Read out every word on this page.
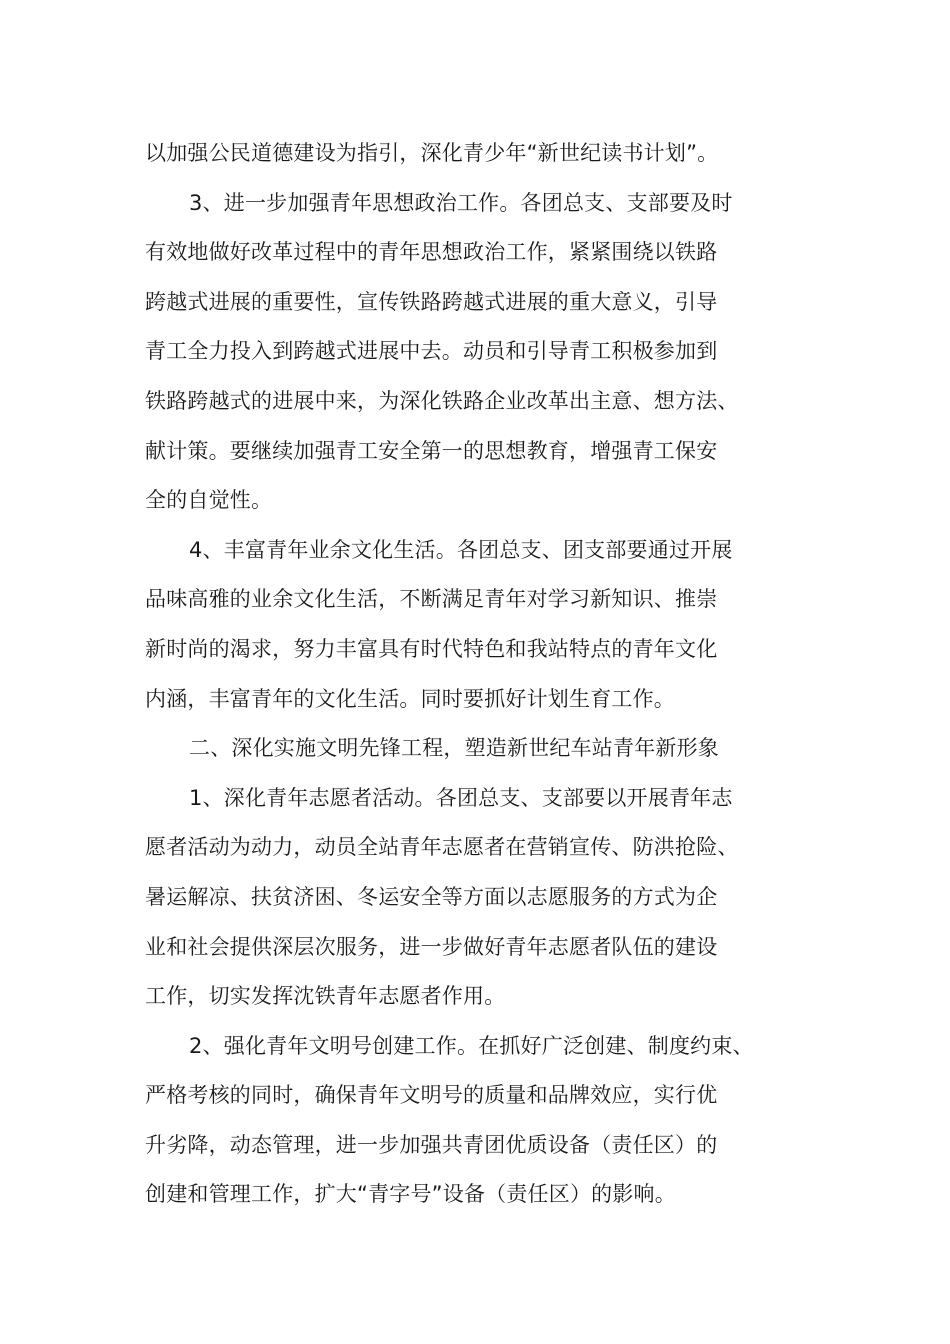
以加强公民道德建设为指引，深化青少年“新世纪读书计划”。
3、进一步加强青年思想政治工作。各团总支、支部要及时
有效地做好改革过程中的青年思想政治工作，紧紧围绕以铁路
跨越式进展的重要性，宣传铁路跨越式进展的重大意义，引导
青工全力投入到跨越式进展中去。动员和引导青工积极参加到
铁路跨越式的进展中来，为深化铁路企业改革出主意、想方法、
献计策。要继续加强青工安全第一的思想教育，增强青工保安
全的自觉性。
4、丰富青年业余文化生活。各团总支、团支部要通过开展
品味高雅的业余文化生活，不断满足青年对学习新知识、推崇
新时尚的渴求，努力丰富具有时代特色和我站特点的青年文化
内涵，丰富青年的文化生活。同时要抓好计划生育工作。
二、深化实施文明先锋工程，塑造新世纪车站青年新形象
1、深化青年志愿者活动。各团总支、支部要以开展青年志
愿者活动为动力，动员全站青年志愿者在营销宣传、防洪抢险、
暑运解凉、扶贫济困、冬运安全等方面以志愿服务的方式为企
业和社会提供深层次服务，进一步做好青年志愿者队伍的建设
工作，切实发挥沈铁青年志愿者作用。
2、强化青年文明号创建工作。在抓好广泛创建、制度约束、
严格考核的同时，确保青年文明号的质量和品牌效应，实行优
升劣降，动态管理，进一步加强共青团优质设备（责任区）的
创建和管理工作，扩大“青字号”设备（责任区）的影响。
